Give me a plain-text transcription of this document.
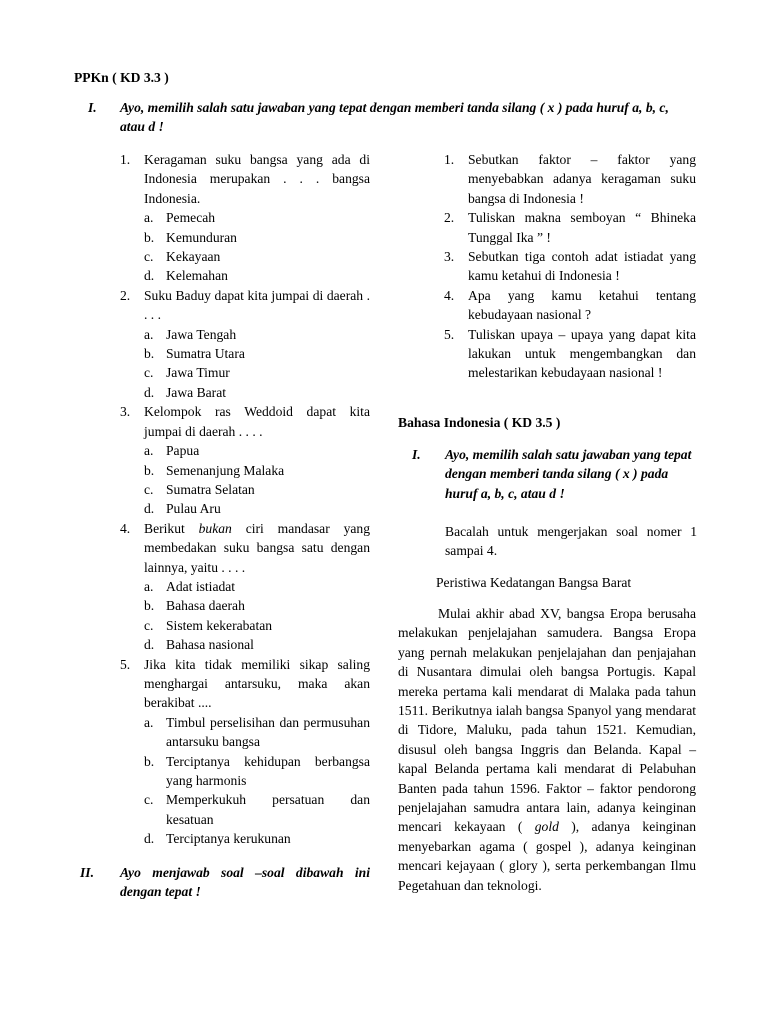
PPKn ( KD 3.3 )
I. Ayo, memilih salah satu jawaban yang tepat dengan memberi tanda silang ( x ) pada huruf a, b, c, atau d !
1. Keragaman suku bangsa yang ada di Indonesia merupakan . . . bangsa Indonesia.
a. Pemecah
b. Kemunduran
c. Kekayaan
d. Kelemahan
2. Suku Baduy dapat kita jumpai di daerah . . . .
a. Jawa Tengah
b. Sumatra Utara
c. Jawa Timur
d. Jawa Barat
3. Kelompok ras Weddoid dapat kita jumpai di daerah . . . .
a. Papua
b. Semenanjung Malaka
c. Sumatra Selatan
d. Pulau Aru
4. Berikut bukan ciri mandasar yang membedakan suku bangsa satu dengan lainnya, yaitu . . . .
a. Adat istiadat
b. Bahasa daerah
c. Sistem kekerabatan
d. Bahasa nasional
5. Jika kita tidak memiliki sikap saling menghargai antarsuku, maka akan berakibat ....
a. Timbul perselisihan dan permusuhan antarsuku bangsa
b. Terciptanya kehidupan berbangsa yang harmonis
c. Memperkukuh persatuan dan kesatuan
d. Terciptanya kerukunan
II. Ayo menjawab soal –soal dibawah ini dengan tepat !
1. Sebutkan faktor – faktor yang menyebabkan adanya keragaman suku bangsa di Indonesia !
2. Tuliskan makna semboyan “ Bhineka Tunggal Ika ” !
3. Sebutkan tiga contoh adat istiadat yang kamu ketahui di Indonesia !
4. Apa yang kamu ketahui tentang kebudayaan nasional ?
5. Tuliskan upaya – upaya yang dapat kita lakukan untuk mengembangkan dan melestarikan kebudayaan nasional !
Bahasa Indonesia ( KD 3.5 )
I. Ayo, memilih salah satu jawaban yang tepat dengan memberi tanda silang ( x ) pada huruf a, b, c, atau d !
Bacalah untuk mengerjakan soal nomer 1 sampai 4.
Peristiwa Kedatangan Bangsa Barat
Mulai akhir abad XV, bangsa Eropa berusaha melakukan penjelajahan samudera. Bangsa Eropa yang pernah melakukan penjelajahan dan penjajahan di Nusantara dimulai oleh bangsa Portugis. Kapal mereka pertama kali mendarat di Malaka pada tahun 1511. Berikutnya ialah bangsa Spanyol yang mendarat di Tidore, Maluku, pada tahun 1521. Kemudian, disusul oleh bangsa Inggris dan Belanda. Kapal – kapal Belanda pertama kali mendarat di Pelabuhan Banten pada tahun 1596. Faktor – faktor pendorong penjelajahan samudra antara lain, adanya keinginan mencari kekayaan ( gold ), adanya keinginan menyebarkan agama ( gospel ), adanya keinginan mencari kejayaan ( glory ), serta perkembangan Ilmu Pegetahuan dan teknologi.
